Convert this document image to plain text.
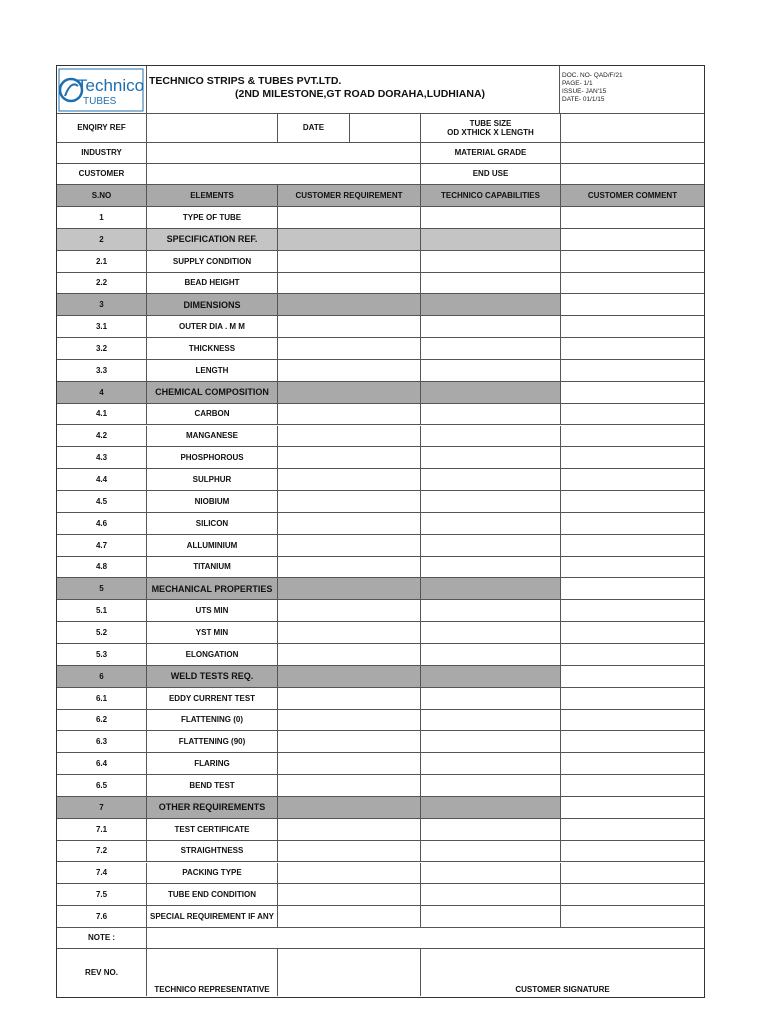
Technico
TUBES
TECHNICO STRIPS & TUBES PVT.LTD.
(2ND MILESTONE,GT ROAD DORAHA,LUDHIANA)
DOC. NO- QAD/F/21
PAGE- 1/1
ISSUE- JAN'15
DATE- 01/1/15
ENQIRY REF	DATE
TUBE SIZE
OD XTHICK X LENGTH
INDUSTRY	MATERIAL GRADE
CUSTOMER	END USE
S.NO	ELEMENTS	CUSTOMER REQUIREMENT	TECHNICO CAPABILITIES	CUSTOMER COMMENT
1	TYPE OF TUBE
2	SPECIFICATION REF.
2.1	SUPPLY CONDITION
2.2	BEAD HEIGHT
3	DIMENSIONS
3.1	OUTER DIA . M M
3.2	THICKNESS
3.3	LENGTH
4	CHEMICAL COMPOSITION
4.1	CARBON
4.2	MANGANESE
4.3	PHOSPHOROUS
4.4	SULPHUR
4.5	NIOBIUM
4.6	SILICON
4.7	ALLUMINIUM
4.8	TITANIUM
5	MECHANICAL PROPERTIES
5.1	UTS MIN
5.2	YST MIN
5.3	ELONGATION
6	WELD TESTS REQ.
6.1	EDDY CURRENT TEST
6.2	FLATTENING (0)
6.3	FLATTENING (90)
6.4	FLARING
6.5	BEND TEST
7	OTHER REQUIREMENTS
7.1	TEST CERTIFICATE
7.2	STRAIGHTNESS
7.4	PACKING TYPE
7.5	TUBE END CONDITION
7.6	SPECIAL REQUIREMENT IF ANY
NOTE :
REV NO.
TECHNICO REPRESENTATIVE	CUSTOMER SIGNATURE
